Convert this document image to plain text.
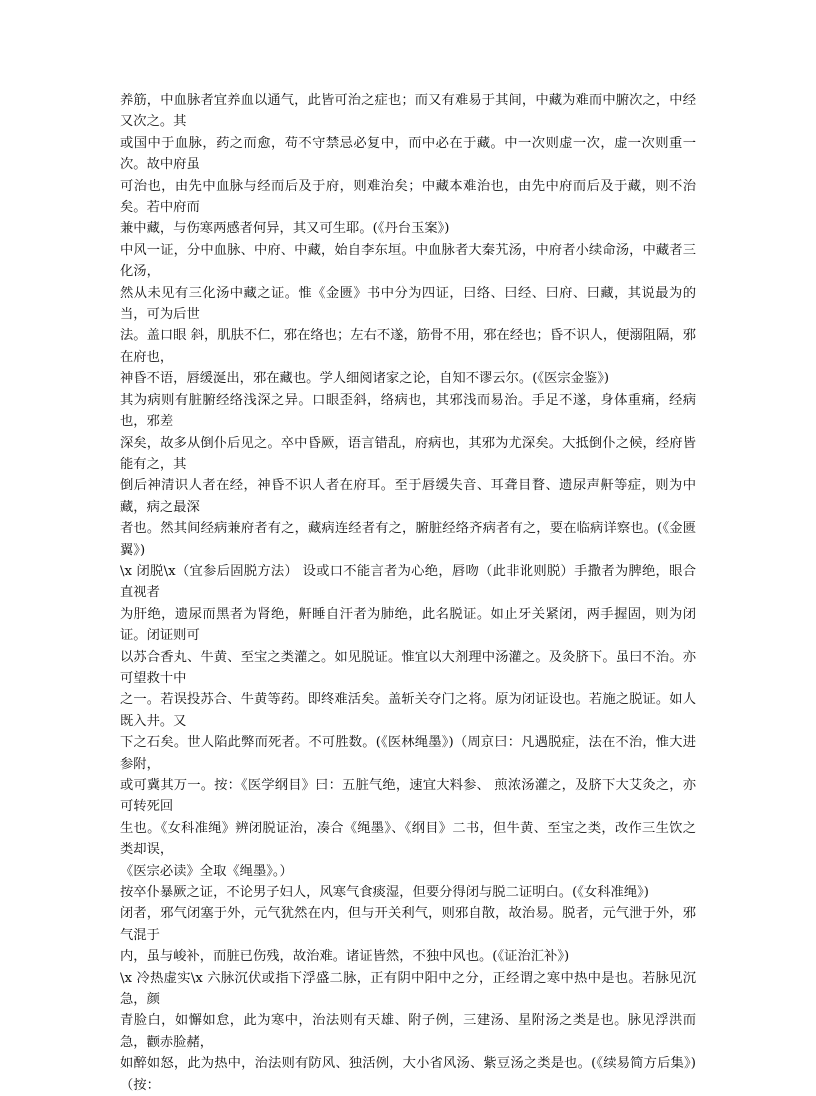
养筋，中血脉者宜养血以通气，此皆可治之症也；而又有难易于其间，中藏为难而中腑次之，中经又次之。其

或国中于血脉，药之而愈，苟不守禁忌必复中，而中必在于藏。中一次则虚一次，虚一次则重一次。故中府虽

可治也，由先中血脉与经而后及于府，则难治矣；中藏本难治也，由先中府而后及于藏，则不治矣。若中府而

兼中藏，与伤寒两感者何异，其又可生耶。(《丹台玉案》)

中风一证，分中血脉、中府、中藏，始自李东垣。中血脉者大秦艽汤，中府者小续命汤，中藏者三化汤，

然从未见有三化汤中藏之证。惟《金匮》书中分为四证，曰络、曰经、曰府、曰藏，其说最为的当，可为后世

法。盖口眼 斜，肌肤不仁，邪在络也；左右不遂，筋骨不用，邪在经也；昏不识人，便溺阻隔，邪在府也，

神昏不语，唇缓涎出，邪在藏也。学人细阅诸家之论，自知不谬云尔。(《医宗金鉴》)

其为病则有脏腑经络浅深之异。口眼歪斜，络病也，其邪浅而易治。手足不遂，身体重痛，经病也，邪差

深矣，故多从倒仆后见之。卒中昏厥，语言错乱，府病也，其邪为尤深矣。大抵倒仆之候，经府皆能有之，其

倒后神清识人者在经，神昏不识人者在府耳。至于唇缓失音、耳聋目瞀、遗尿声鼾等症，则为中藏，病之最深

者也。然其间经病兼府者有之，藏病连经者有之，腑脏经络齐病者有之，要在临病详察也。(《金匮翼》)

\x 闭脱\x（宜参后固脱方法） 设或口不能言者为心绝，唇吻（此非讹则脱）手撒者为脾绝，眼合直视者

为肝绝，遗尿而黑者为肾绝，鼾睡自汗者为肺绝，此名脱证。如止牙关紧闭，两手握固，则为闭证。闭证则可

以苏合香丸、牛黄、至宝之类灌之。如见脱证。惟宜以大剂理中汤灌之。及灸脐下。虽曰不治。亦可望救十中

之一。若误投苏合、牛黄等药。即终难活矣。盖斩关夺门之将。原为闭证设也。若施之脱证。如人既入井。又

下之石矣。世人陷此弊而死者。不可胜数。(《医林绳墨》)（周京曰：凡遇脱症，法在不治，惟大进参附，

或可冀其万一。按：《医学纲目》曰：五脏气绝，速宜大料参、 煎浓汤灌之，及脐下大艾灸之，亦可转死回

生也。《女科准绳》辨闭脱证治，凑合《绳墨》、《纲目》二书，但牛黄、至宝之类，改作三生饮之类却误，

《医宗必读》全取《绳墨》。）

按卒仆暴厥之证，不论男子妇人，风寒气食痰湿，但要分得闭与脱二证明白。(《女科准绳》)

闭者，邪气闭塞于外，元气犹然在内，但与开关利气，则邪自散，故治易。脱者，元气泄于外，邪气混于

内，虽与峻补，而脏已伤残，故治难。诸证皆然，不独中风也。(《证治汇补》)

\x 冷热虚实\x 六脉沉伏或指下浮盛二脉，正有阴中阳中之分，正经谓之寒中热中是也。若脉见沉急，颜

青脸白，如懈如怠，此为寒中，治法则有天雄、附子例，三建汤、星附汤之类是也。脉见浮洪而急，颧赤脸赭，

如醉如怒，此为热中，治法则有防风、独活例，大小省风汤、紫豆汤之类是也。(《续易简方后集》)（按：
